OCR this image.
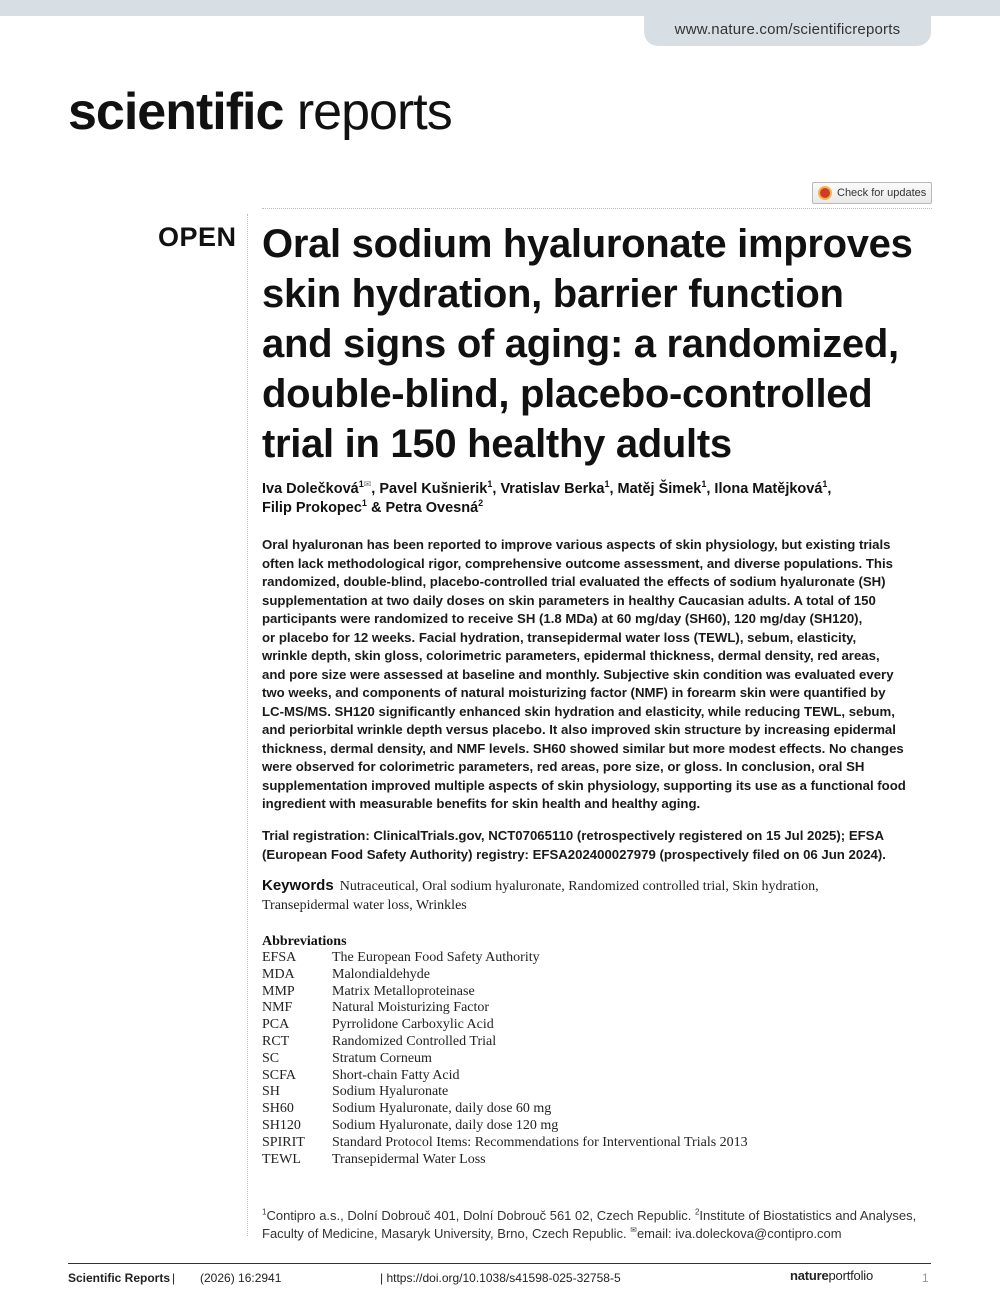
www.nature.com/scientificreports
scientific reports
Check for updates
OPEN Oral sodium hyaluronate improves
skin hydration, barrier function
and signs of aging: a randomized,
double-blind, placebo-controlled
trial in 150 healthy adults
Iva Dolečková$^{1✉}$, Pavel Kušnierik$^1$, Vratislav Berka$^1$, Matěj Šimek$^1$, Ilona Matějková$^1$,
Filip Prokopec$^1$ & Petra Ovesná$^2$
Oral hyaluronan has been reported to improve various aspects of skin physiology, but existing trials
often lack methodological rigor, comprehensive outcome assessment, and diverse populations. This
randomized, double-blind, placebo-controlled trial evaluated the effects of sodium hyaluronate (SH)
supplementation at two daily doses on skin parameters in healthy Caucasian adults. A total of 150
participants were randomized to receive SH (1.8 MDa) at 60 mg/day (SH60), 120 mg/day (SH120),
or placebo for 12 weeks. Facial hydration, transepidermal water loss (TEWL), sebum, elasticity,
wrinkle depth, skin gloss, colorimetric parameters, epidermal thickness, dermal density, red areas,
and pore size were assessed at baseline and monthly. Subjective skin condition was evaluated every
two weeks, and components of natural moisturizing factor (NMF) in forearm skin were quantified by
LC-MS/MS. SH120 significantly enhanced skin hydration and elasticity, while reducing TEWL, sebum,
and periorbital wrinkle depth versus placebo. It also improved skin structure by increasing epidermal
thickness, dermal density, and NMF levels. SH60 showed similar but more modest effects. No changes
were observed for colorimetric parameters, red areas, pore size, or gloss. In conclusion, oral SH
supplementation improved multiple aspects of skin physiology, supporting its use as a functional food
ingredient with measurable benefits for skin health and healthy aging.
Trial registration: ClinicalTrials.gov, NCT07065110 (retrospectively registered on 15 Jul 2025); EFSA
(European Food Safety Authority) registry: EFSA202400027979 (prospectively filed on 06 Jun 2024).
Keywords Nutraceutical, Oral sodium hyaluronate, Randomized controlled trial, Skin hydration,
Transepidermal water loss, Wrinkles
Abbreviations
EFSA	The European Food Safety Authority
MDA	Malondialdehyde
MMP	Matrix Metalloproteinase
NMF	Natural Moisturizing Factor
PCA	Pyrrolidone Carboxylic Acid
RCT	Randomized Controlled Trial
SC	Stratum Corneum
SCFA	Short-chain Fatty Acid
SH	Sodium Hyaluronate
SH60	Sodium Hyaluronate, daily dose 60 mg
SH120	Sodium Hyaluronate, daily dose 120 mg
SPIRIT	Standard Protocol Items: Recommendations for Interventional Trials 2013
TEWL	Transepidermal Water Loss
$^1$Contipro a.s., Dolní Dobrouč 401, Dolní Dobrouč 561 02, Czech Republic. $^2$Institute of Biostatistics and Analyses,
Faculty of Medicine, Masaryk University, Brno, Czech Republic. ✉email: iva.doleckova@contipro.com
Scientific Reports | (2026) 16:2941	| https://doi.org/10.1038/s41598-025-32758-5	natureportfolio	1
